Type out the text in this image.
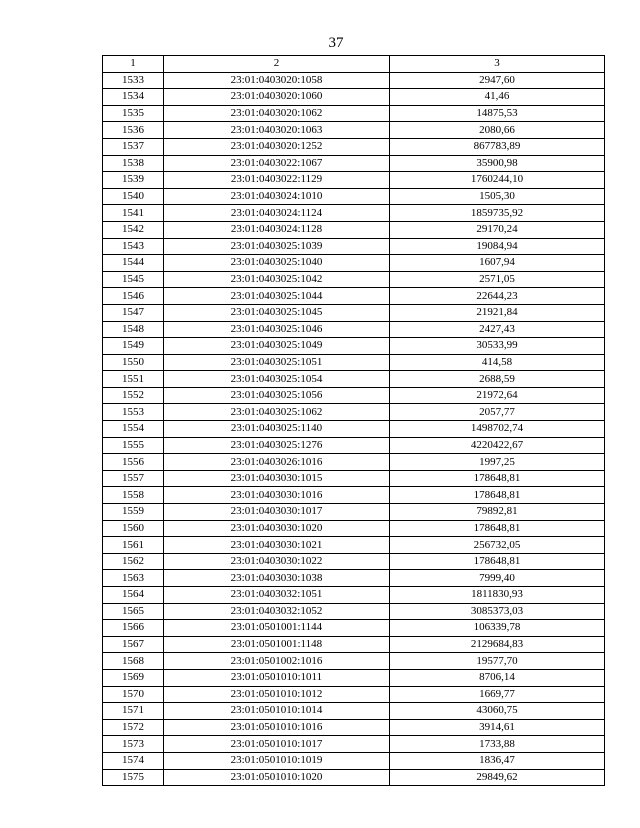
37
1	2	3
1533	23:01:0403020:1058	2947,60
1534	23:01:0403020:1060	41,46
1535	23:01:0403020:1062	14875,53
1536	23:01:0403020:1063	2080,66
1537	23:01:0403020:1252	867783,89
1538	23:01:0403022:1067	35900,98
1539	23:01:0403022:1129	1760244,10
1540	23:01:0403024:1010	1505,30
1541	23:01:0403024:1124	1859735,92
1542	23:01:0403024:1128	29170,24
1543	23:01:0403025:1039	19084,94
1544	23:01:0403025:1040	1607,94
1545	23:01:0403025:1042	2571,05
1546	23:01:0403025:1044	22644,23
1547	23:01:0403025:1045	21921,84
1548	23:01:0403025:1046	2427,43
1549	23:01:0403025:1049	30533,99
1550	23:01:0403025:1051	414,58
1551	23:01:0403025:1054	2688,59
1552	23:01:0403025:1056	21972,64
1553	23:01:0403025:1062	2057,77
1554	23:01:0403025:1140	1498702,74
1555	23:01:0403025:1276	4220422,67
1556	23:01:0403026:1016	1997,25
1557	23:01:0403030:1015	178648,81
1558	23:01:0403030:1016	178648,81
1559	23:01:0403030:1017	79892,81
1560	23:01:0403030:1020	178648,81
1561	23:01:0403030:1021	256732,05
1562	23:01:0403030:1022	178648,81
1563	23:01:0403030:1038	7999,40
1564	23:01:0403032:1051	1811830,93
1565	23:01:0403032:1052	3085373,03
1566	23:01:0501001:1144	106339,78
1567	23:01:0501001:1148	2129684,83
1568	23:01:0501002:1016	19577,70
1569	23:01:0501010:1011	8706,14
1570	23:01:0501010:1012	1669,77
1571	23:01:0501010:1014	43060,75
1572	23:01:0501010:1016	3914,61
1573	23:01:0501010:1017	1733,88
1574	23:01:0501010:1019	1836,47
1575	23:01:0501010:1020	29849,62
